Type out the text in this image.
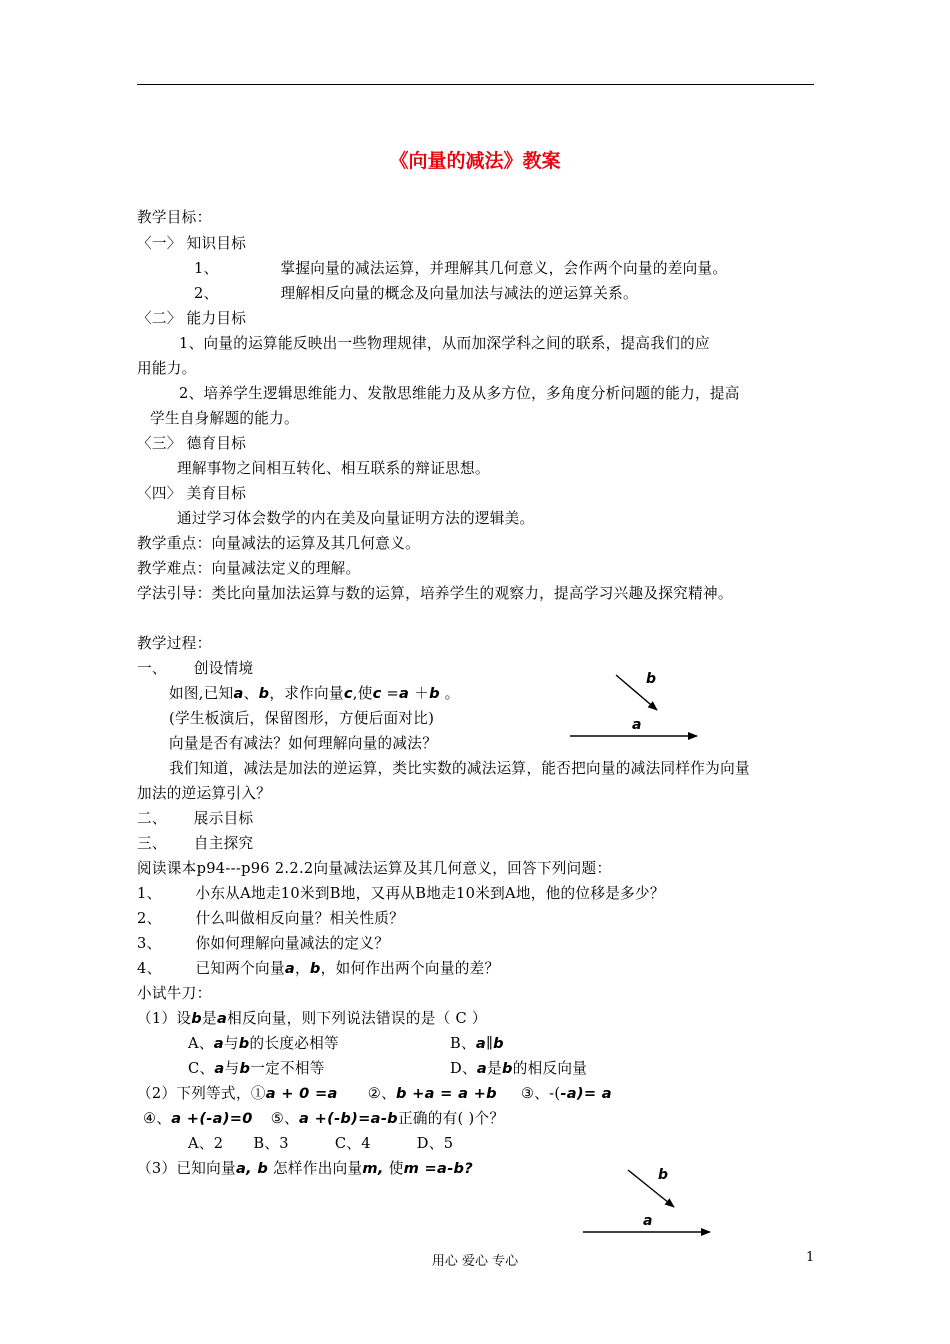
《向量的减法》教案
教学目标：
〈一〉 知识目标
1、	掌握向量的减法运算，并理解其几何意义，会作两个向量的差向量。
2、	理解相反向量的概念及向量加法与减法的逆运算关系。
〈二〉 能力目标
1、向量的运算能反映出一些物理规律，从而加深学科之间的联系，提高我们的应
用能力。
2、培养学生逻辑思维能力、发散思维能力及从多方位，多角度分析问题的能力，提高
学生自身解题的能力。
〈三〉 德育目标
理解事物之间相互转化、相互联系的辩证思想。
〈四〉 美育目标
通过学习体会数学的内在美及向量证明方法的逻辑美。
教学重点：向量减法的运算及其几何意义。
教学难点：向量减法定义的理解。
学法引导：类比向量加法运算与数的运算，培养学生的观察力，提高学习兴趣及探究精神。
教学过程：
一、 创设情境
如图,已知a、b，求作向量c,使c =a ＋b 。
(学生板演后，保留图形，方便后面对比)
向量是否有减法？如何理解向量的减法？
我们知道，减法是加法的逆运算，类比实数的减法运算，能否把向量的减法同样作为向量
加法的逆运算引入？
二、 展示目标
三、 自主探究
阅读课本p94---p96 2.2.2向量减法运算及其几何意义，回答下列问题：
1、 小东从A地走10米到B地，又再从B地走10米到A地，他的位移是多少？
2、 什么叫做相反向量？相关性质？
3、 你如何理解向量减法的定义？
4、 已知两个向量a，b，如何作出两个向量的差？
小试牛刀：
（1）设b是a相反向量，则下列说法错误的是（ C ）
A、a与b的长度必相等	B、a∥b
C、a与b一定不相等	D、a是b的相反向量
（2）下列等式，①a + 0 =a ②、b +a = a +b ③、-(-a)= a
④、a +(-a)=0 ⑤、a +(-b)=a-b正确的有( )个？
A、2 B、3	C、4	D、5
（3）已知向量a, b 怎样作出向量m, 使m =a-b?
b
a
b
a
用心 爱心 专心	1
